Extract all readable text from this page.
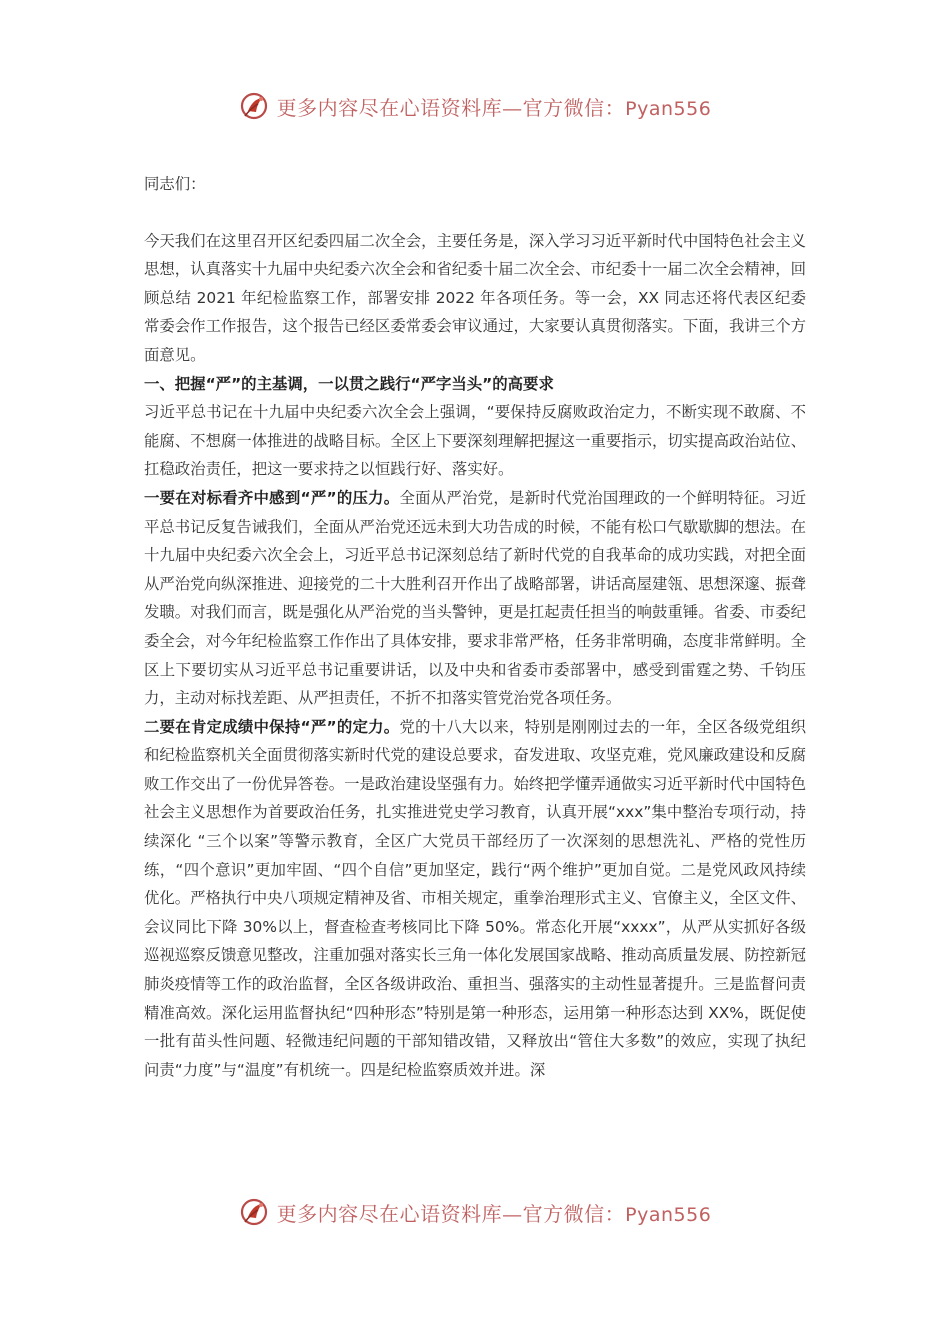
更多内容尽在心语资料库—官方微信：Pyan556

同志们：

今天我们在这里召开区纪委四届二次全会，主要任务是，深入学习习近平新时代中国特色社会主义思想，认真落实十九届中央纪委六次全会和省纪委十届二次全会、市纪委十一届二次全会精神，回顾总结 2021 年纪检监察工作，部署安排 2022 年各项任务。等一会，XX 同志还将代表区纪委常委会作工作报告，这个报告已经区委常委会审议通过，大家要认真贯彻落实。下面，我讲三个方面意见。

一、把握“严”的主基调，一以贯之践行“严字当头”的高要求

习近平总书记在十九届中央纪委六次全会上强调，“要保持反腐败政治定力，不断实现不敢腐、不能腐、不想腐一体推进的战略目标。全区上下要深刻理解把握这一重要指示，切实提高政治站位、扛稳政治责任，把这一要求持之以恒践行好、落实好。

一要在对标看齐中感到“严”的压力。全面从严治党，是新时代党治国理政的一个鲜明特征。习近平总书记反复告诫我们，全面从严治党还远未到大功告成的时候，不能有松口气歇歇脚的想法。在十九届中央纪委六次全会上，习近平总书记深刻总结了新时代党的自我革命的成功实践，对把全面从严治党向纵深推进、迎接党的二十大胜利召开作出了战略部署，讲话高屋建瓴、思想深邃、振聋发聩。对我们而言，既是强化从严治党的当头警钟，更是扛起责任担当的响鼓重锤。省委、市委纪委全会，对今年纪检监察工作作出了具体安排，要求非常严格，任务非常明确，态度非常鲜明。全区上下要切实从习近平总书记重要讲话，以及中央和省委市委部署中，感受到雷霆之势、千钧压力，主动对标找差距、从严担责任，不折不扣落实管党治党各项任务。

二要在肯定成绩中保持“严”的定力。党的十八大以来，特别是刚刚过去的一年，全区各级党组织和纪检监察机关全面贯彻落实新时代党的建设总要求，奋发进取、攻坚克难，党风廉政建设和反腐败工作交出了一份优异答卷。一是政治建设坚强有力。始终把学懂弄通做实习近平新时代中国特色社会主义思想作为首要政治任务，扎实推进党史学习教育，认真开展“xxx”集中整治专项行动，持续深化 “三个以案”等警示教育，全区广大党员干部经历了一次深刻的思想洗礼、严格的党性历练，“四个意识”更加牢固、“四个自信”更加坚定，践行“两个维护”更加自觉。二是党风政风持续优化。严格执行中央八项规定精神及省、市相关规定，重拳治理形式主义、官僚主义，全区文件、会议同比下降 30%以上，督查检查考核同比下降 50%。常态化开展“xxxx”，从严从实抓好各级巡视巡察反馈意见整改，注重加强对落实长三角一体化发展国家战略、推动高质量发展、防控新冠肺炎疫情等工作的政治监督，全区各级讲政治、重担当、强落实的主动性显著提升。三是监督问责精准高效。深化运用监督执纪“四种形态”特别是第一种形态，运用第一种形态达到 XX%，既促使一批有苗头性问题、轻微违纪问题的干部知错改错，又释放出“管住大多数”的效应，实现了执纪问责“力度”与“温度”有机统一。四是纪检监察质效并进。深

更多内容尽在心语资料库—官方微信：Pyan556
